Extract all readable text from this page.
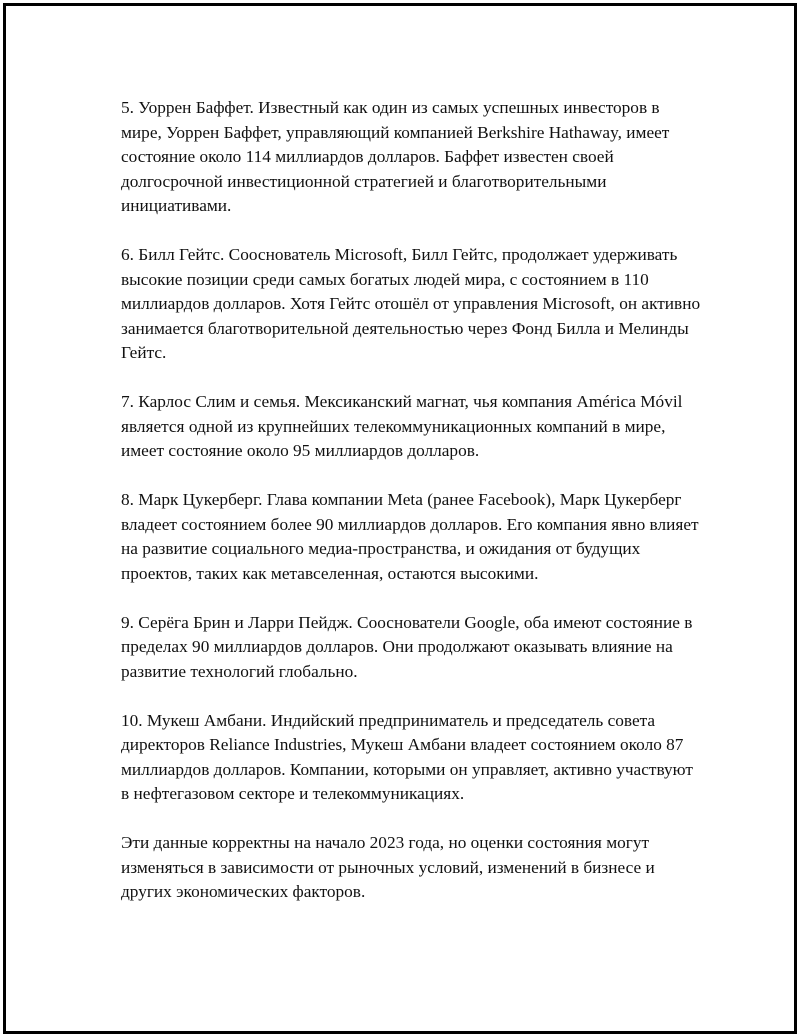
5. Уоррен Баффет. Известный как один из самых успешных инвесторов в мире, Уоррен Баффет, управляющий компанией Berkshire Hathaway, имеет состояние около 114 миллиардов долларов. Баффет известен своей долгосрочной инвестиционной стратегией и благотворительными инициативами.

6. Билл Гейтс. Сооснователь Microsoft, Билл Гейтс, продолжает удерживать высокие позиции среди самых богатых людей мира, с состоянием в 110 миллиардов долларов. Хотя Гейтс отошёл от управления Microsoft, он активно занимается благотворительной деятельностью через Фонд Билла и Мелинды Гейтс.

7. Карлос Слим и семья. Мексиканский магнат, чья компания América Móvil является одной из крупнейших телекоммуникационных компаний в мире, имеет состояние около 95 миллиардов долларов.

8. Марк Цукерберг. Глава компании Meta (ранее Facebook), Марк Цукерберг владеет состоянием более 90 миллиардов долларов. Его компания явно влияет на развитие социального медиа-пространства, и ожидания от будущих проектов, таких как метавселенная, остаются высокими.

9. Серёга Брин и Ларри Пейдж. Сооснователи Google, оба имеют состояние в пределах 90 миллиардов долларов. Они продолжают оказывать влияние на развитие технологий глобально.

10. Мукеш Амбани. Индийский предприниматель и председатель совета директоров Reliance Industries, Мукеш Амбани владеет состоянием около 87 миллиардов долларов. Компании, которыми он управляет, активно участвуют в нефтегазовом секторе и телекоммуникациях.

Эти данные корректны на начало 2023 года, но оценки состояния могут изменяться в зависимости от рыночных условий, изменений в бизнесе и других экономических факторов.
